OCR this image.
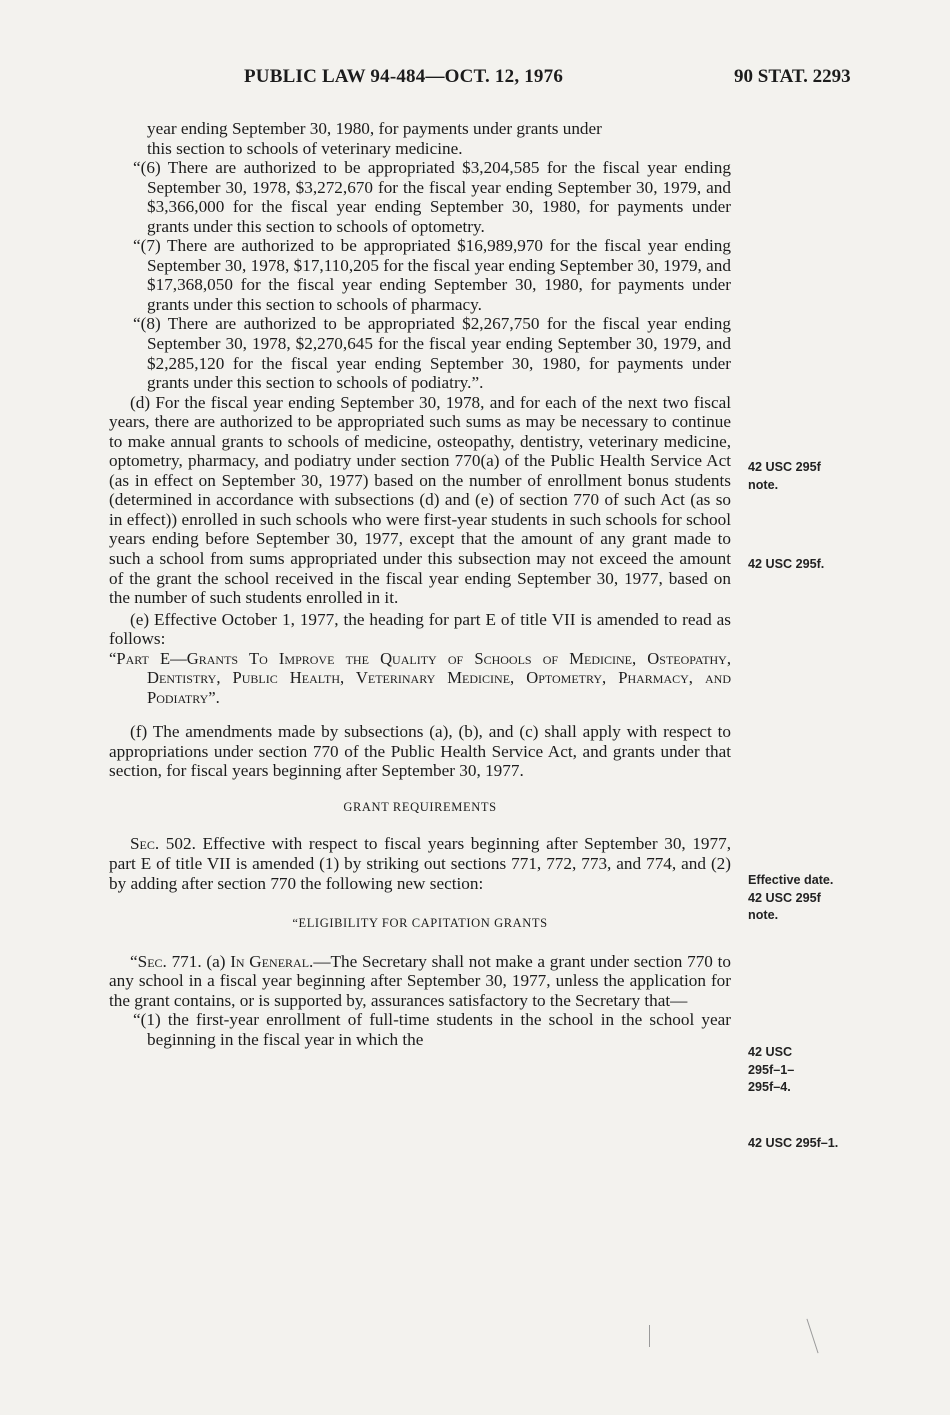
PUBLIC LAW 94-484—OCT. 12, 1976	90 STAT. 2293

year ending September 30, 1980, for payments under grants under

this section to schools of veterinary medicine.

“(6) There are authorized to be appropriated $3,204,585 for the fiscal year ending September 30, 1978, $3,272,670 for the fiscal year ending September 30, 1979, and $3,366,000 for the fiscal year ending September 30, 1980, for payments under grants under this section to schools of optometry.

“(7) There are authorized to be appropriated $16,989,970 for the fiscal year ending September 30, 1978, $17,110,205 for the fiscal year ending September 30, 1979, and $17,368,050 for the fiscal year ending September 30, 1980, for payments under grants under this section to schools of pharmacy.

“(8) There are authorized to be appropriated $2,267,750 for the fiscal year ending September 30, 1978, $2,270,645 for the fiscal year ending September 30, 1979, and $2,285,120 for the fiscal year ending September 30, 1980, for payments under grants under this section to schools of podiatry.”.

(d) For the fiscal year ending September 30, 1978, and for each of the next two fiscal years, there are authorized to be appropriated such sums as may be necessary to continue to make annual grants to schools of medicine, osteopathy, dentistry, veterinary medicine, optometry, pharmacy, and podiatry under section 770(a) of the Public Health Service Act (as in effect on September 30, 1977) based on the number of enrollment bonus students (determined in accordance with subsections (d) and (e) of section 770 of such Act (as so in effect)) enrolled in such schools who were first-year students in such schools for school years ending before September 30, 1977, except that the amount of any grant made to such a school from sums appropriated under this subsection may not exceed the amount of the grant the school received in the fiscal year ending September 30, 1977, based on the number of such students enrolled in it.

(e) Effective October 1, 1977, the heading for part E of title VII is amended to read as follows:

“Part E—Grants To Improve the Quality of Schools of Medicine, Osteopathy, Dentistry, Public Health, Veterinary Medicine, Optometry, Pharmacy, and Podiatry”.

(f) The amendments made by subsections (a), (b), and (c) shall apply with respect to appropriations under section 770 of the Public Health Service Act, and grants under that section, for fiscal years beginning after September 30, 1977.

GRANT REQUIREMENTS

Sec. 502. Effective with respect to fiscal years beginning after September 30, 1977, part E of title VII is amended (1) by striking out sections 771, 772, 773, and 774, and (2) by adding after section 770 the following new section:

“ELIGIBILITY FOR CAPITATION GRANTS

“Sec. 771. (a) In General.—The Secretary shall not make a grant under section 770 to any school in a fiscal year beginning after September 30, 1977, unless the application for the grant contains, or is supported by, assurances satisfactory to the Secretary that—

“(1) the first-year enrollment of full-time students in the school in the school year beginning in the fiscal year in which the

42 USC 295f
note.
42 USC 295f.
Effective date.
42 USC 295f
note.
42 USC
295f–1–
295f–4.
42 USC 295f–1.
